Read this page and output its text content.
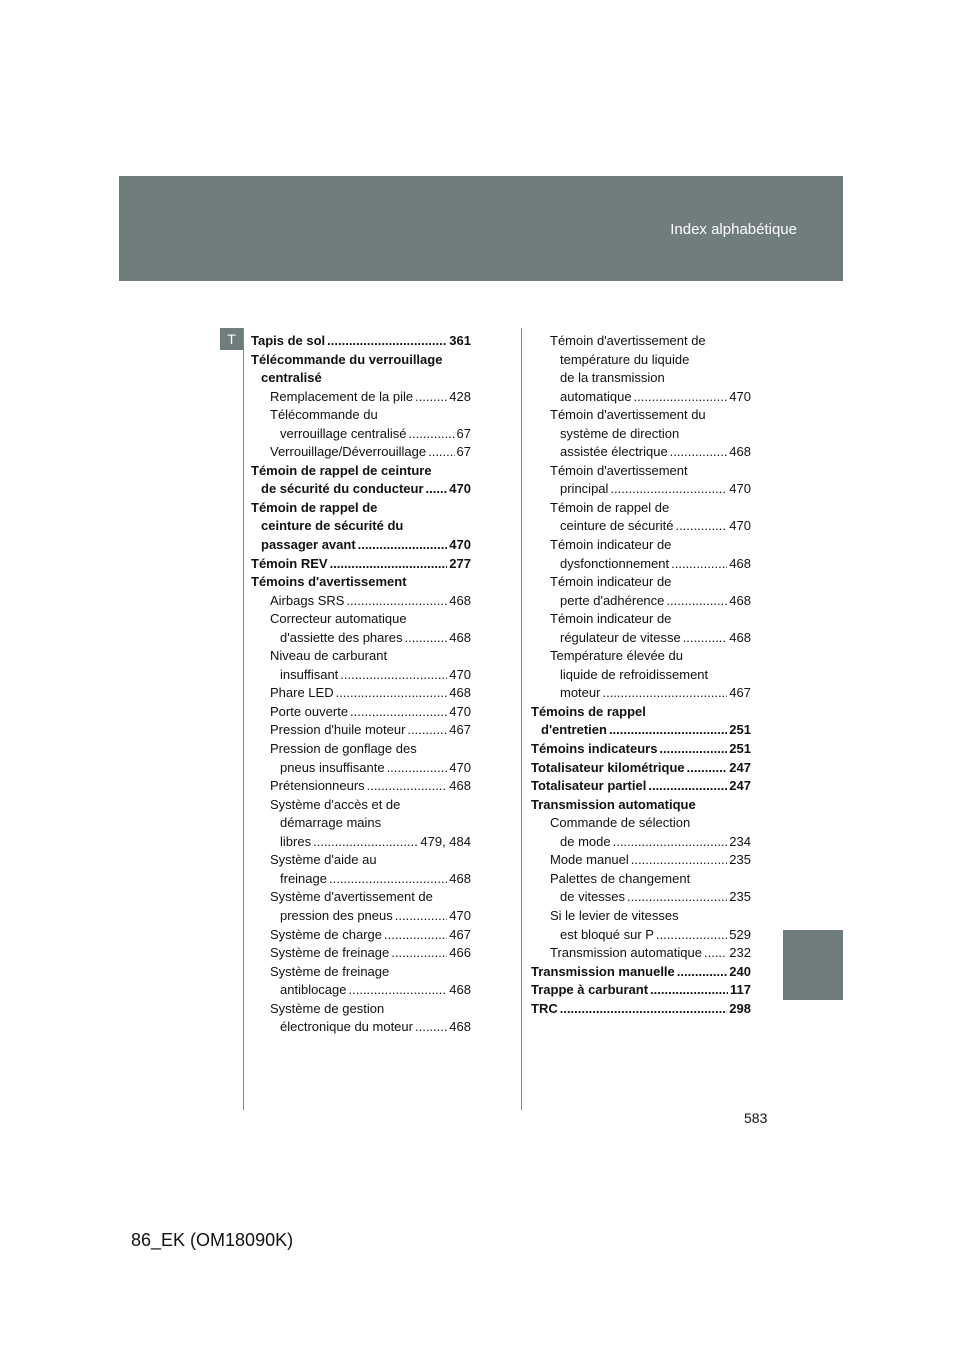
Index alphabétique
T	Tapis de sol .....	361
Télécommande du verrouillage
centralisé
Remplacement de la pile .....	428
Télécommande du
verrouillage centralisé .....	67
Verrouillage/Déverrouillage ..... 67
Témoin de rappel de ceinture
de sécurité du conducteur ..... 470
Témoin de rappel de
ceinture de sécurité du
passager avant .....	470
Témoin REV .....	277
Témoins d'avertissement
Airbags SRS .....	468
Correcteur automatique
d'assiette des phares .....	468
Niveau de carburant
insuffisant .....	470
Phare LED .....	468
Porte ouverte .....	470
Pression d'huile moteur .....	467
Pression de gonflage des
pneus insuffisante .....	470
Prétensionneurs .....	468
Système d'accès et de
démarrage mains
libres .....	479, 484
Système d'aide au
freinage .....	468
Système d'avertissement de
pression des pneus .....	470
Système de charge .....	467
Système de freinage .....	466
Système de freinage
antiblocage .....	468
Système de gestion
électronique du moteur .....	468
Témoin d'avertissement de
température du liquide
de la transmission
automatique .....	470
Témoin d'avertissement du
système de direction
assistée électrique .....	468
Témoin d'avertissement
principal .....	470
Témoin de rappel de
ceinture de sécurité .....	470
Témoin indicateur de
dysfonctionnement .....	468
Témoin indicateur de
perte d'adhérence .....	468
Témoin indicateur de
régulateur de vitesse .....	468
Température élevée du
liquide de refroidissement
moteur .....	467
Témoins de rappel
d'entretien .....	251
Témoins indicateurs .....	251
Totalisateur kilométrique .....	247
Totalisateur partiel .....	247
Transmission automatique
Commande de sélection
de mode .....	234
Mode manuel .....	235
Palettes de changement
de vitesses .....	235
Si le levier de vitesses
est bloqué sur P .....	529
Transmission automatique ..... 232
Transmission manuelle .....	240
Trappe à carburant .....	117
TRC .....	298
583
86_EK (OM18090K)
